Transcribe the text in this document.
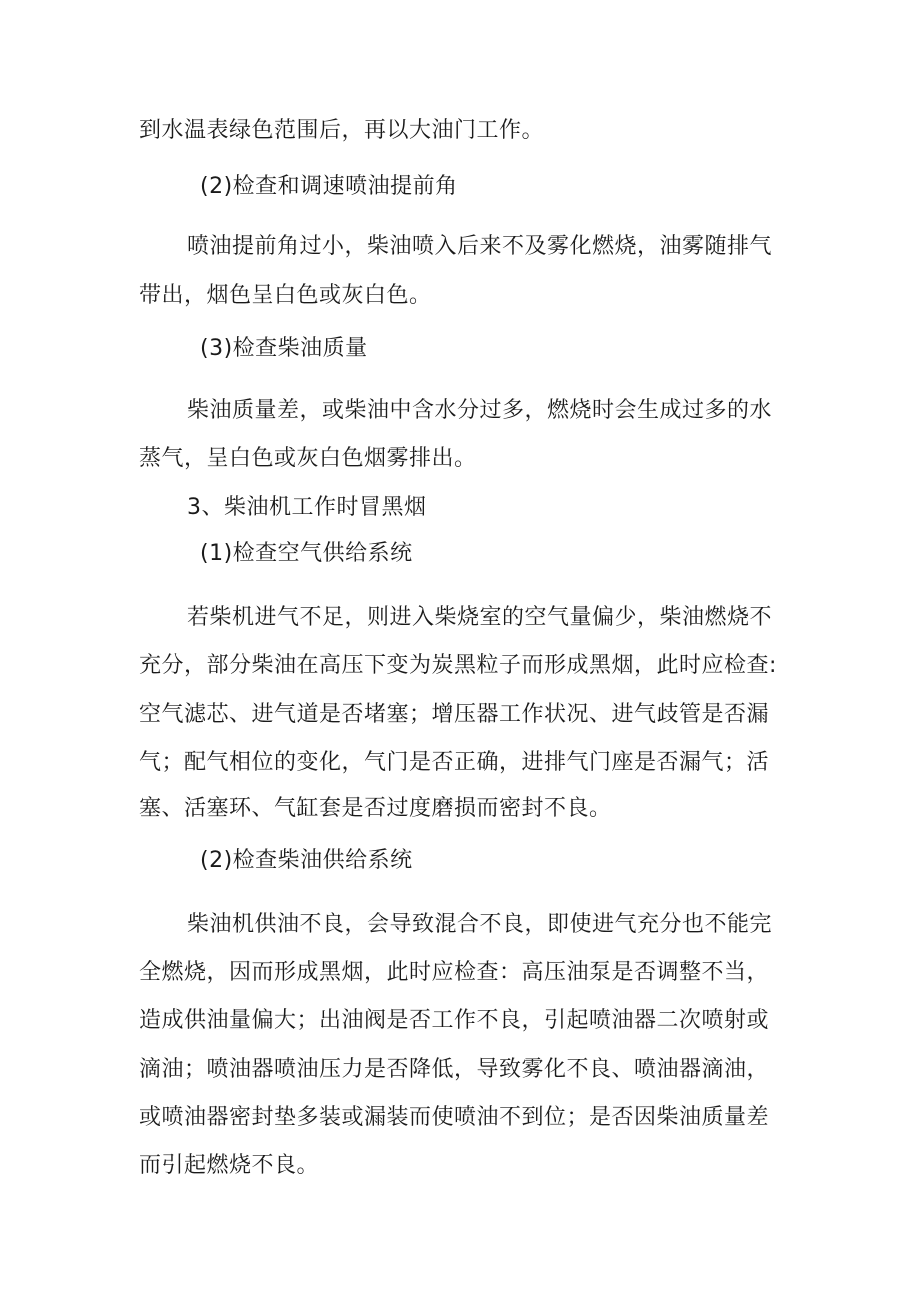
到水温表绿色范围后，再以大油门工作。

(2)检查和调速喷油提前角

喷油提前角过小，柴油喷入后来不及雾化燃烧，油雾随排气

带出，烟色呈白色或灰白色。

(3)检查柴油质量

柴油质量差，或柴油中含水分过多，燃烧时会生成过多的水

蒸气，呈白色或灰白色烟雾排出。

3、柴油机工作时冒黑烟

(1)检查空气供给系统

若柴机进气不足，则进入柴烧室的空气量偏少，柴油燃烧不

充分，部分柴油在高压下变为炭黑粒子而形成黑烟，此时应检查:

空气滤芯、进气道是否堵塞；增压器工作状况、进气歧管是否漏

气；配气相位的变化，气门是否正确，进排气门座是否漏气；活

塞、活塞环、气缸套是否过度磨损而密封不良。

(2)检查柴油供给系统

柴油机供油不良，会导致混合不良，即使进气充分也不能完

全燃烧，因而形成黑烟，此时应检查：高压油泵是否调整不当，

造成供油量偏大；出油阀是否工作不良，引起喷油器二次喷射或

滴油；喷油器喷油压力是否降低，导致雾化不良、喷油器滴油，

或喷油器密封垫多装或漏装而使喷油不到位；是否因柴油质量差

而引起燃烧不良。
